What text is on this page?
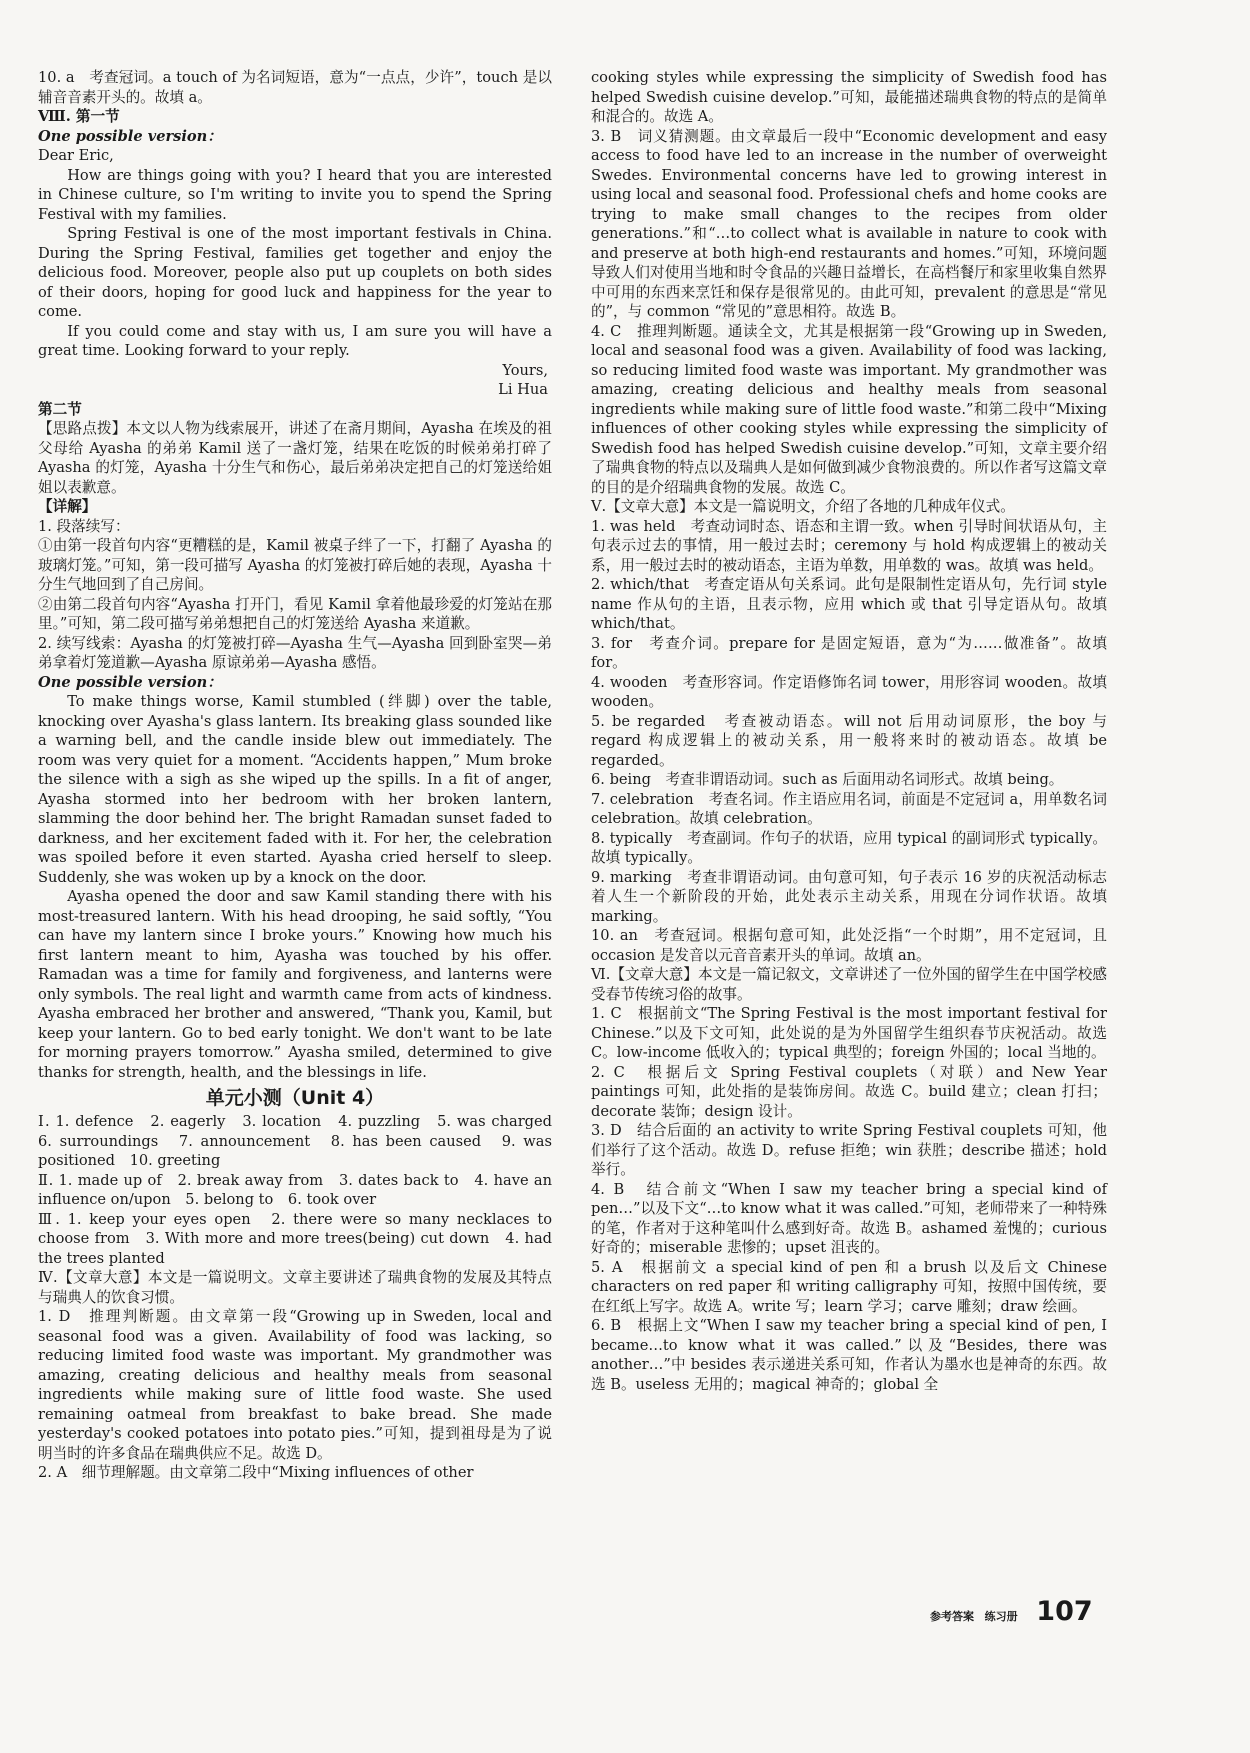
10. a　考查冠词。a touch of 为名词短语，意为“一点点，少许”，touch 是以辅音音素开头的。故填 a。

Ⅷ. 第一节

One possible version：

Dear Eric,

How are things going with you? I heard that you are interested in Chinese culture, so I'm writing to invite you to spend the Spring Festival with my families.

Spring Festival is one of the most important festivals in China. During the Spring Festival, families get together and enjoy the delicious food. Moreover, people also put up couplets on both sides of their doors, hoping for good luck and happiness for the year to come.

If you could come and stay with us, I am sure you will have a great time. Looking forward to your reply.

Yours,

Li Hua

第二节

【思路点拨】本文以人物为线索展开，讲述了在斋月期间，Ayasha 在埃及的祖父母给 Ayasha 的弟弟 Kamil 送了一盏灯笼，结果在吃饭的时候弟弟打碎了 Ayasha 的灯笼，Ayasha 十分生气和伤心，最后弟弟决定把自己的灯笼送给姐姐以表歉意。

【详解】

1. 段落续写：

①由第一段首句内容“更糟糕的是，Kamil 被桌子绊了一下，打翻了 Ayasha 的玻璃灯笼。”可知，第一段可描写 Ayasha 的灯笼被打碎后她的表现，Ayasha 十分生气地回到了自己房间。

②由第二段首句内容“Ayasha 打开门，看见 Kamil 拿着他最珍爱的灯笼站在那里。”可知，第二段可描写弟弟想把自己的灯笼送给 Ayasha 来道歉。

2. 续写线索：Ayasha 的灯笼被打碎—Ayasha 生气—Ayasha 回到卧室哭—弟弟拿着灯笼道歉—Ayasha 原谅弟弟—Ayasha 感悟。

One possible version：

To make things worse, Kamil stumbled (绊脚) over the table, knocking over Ayasha's glass lantern. Its breaking glass sounded like a warning bell, and the candle inside blew out immediately. The room was very quiet for a moment. “Accidents happen,” Mum broke the silence with a sigh as she wiped up the spills. In a fit of anger, Ayasha stormed into her bedroom with her broken lantern, slamming the door behind her. The bright Ramadan sunset faded to darkness, and her excitement faded with it. For her, the celebration was spoiled before it even started. Ayasha cried herself to sleep. Suddenly, she was woken up by a knock on the door.

Ayasha opened the door and saw Kamil standing there with his most-treasured lantern. With his head drooping, he said softly, “You can have my lantern since I broke yours.” Knowing how much his first lantern meant to him, Ayasha was touched by his offer. Ramadan was a time for family and forgiveness, and lanterns were only symbols. The real light and warmth came from acts of kindness. Ayasha embraced her brother and answered, “Thank you, Kamil, but keep your lantern. Go to bed early tonight. We don't want to be late for morning prayers tomorrow.” Ayasha smiled, determined to give thanks for strength, health, and the blessings in life.

单元小测（Unit 4）

Ⅰ. 1. defence　2. eagerly　3. location　4. puzzling　5. was charged　6. surroundings　7. announcement　8. has been caused　9. was positioned　10. greeting

Ⅱ. 1. made up of　2. break away from　3. dates back to　4. have an influence on/upon　5. belong to　6. took over

Ⅲ. 1. keep your eyes open　2. there were so many necklaces to choose from　3. With more and more trees(being) cut down　4. had the trees planted

Ⅳ.【文章大意】本文是一篇说明文。文章主要讲述了瑞典食物的发展及其特点与瑞典人的饮食习惯。

1. D　推理判断题。由文章第一段“Growing up in Sweden, local and seasonal food was a given. Availability of food was lacking, so reducing limited food waste was important. My grandmother was amazing, creating delicious and healthy meals from seasonal ingredients while making sure of little food waste. She used remaining oatmeal from breakfast to bake bread. She made yesterday's cooked potatoes into potato pies.”可知，提到祖母是为了说明当时的许多食品在瑞典供应不足。故选 D。

2. A　细节理解题。由文章第二段中“Mixing influences of other

cooking styles while expressing the simplicity of Swedish food has helped Swedish cuisine develop.”可知，最能描述瑞典食物的特点的是简单和混合的。故选 A。

3. B　词义猜测题。由文章最后一段中“Economic development and easy access to food have led to an increase in the number of overweight Swedes. Environmental concerns have led to growing interest in using local and seasonal food. Professional chefs and home cooks are trying to make small changes to the recipes from older generations.”和“…to collect what is available in nature to cook with and preserve at both high-end restaurants and homes.”可知，环境问题导致人们对使用当地和时令食品的兴趣日益增长，在高档餐厅和家里收集自然界中可用的东西来烹饪和保存是很常见的。由此可知，prevalent 的意思是“常见的”，与 common “常见的”意思相符。故选 B。

4. C　推理判断题。通读全文，尤其是根据第一段“Growing up in Sweden, local and seasonal food was a given. Availability of food was lacking, so reducing limited food waste was important. My grandmother was amazing, creating delicious and healthy meals from seasonal ingredients while making sure of little food waste.”和第二段中“Mixing influences of other cooking styles while expressing the simplicity of Swedish food has helped Swedish cuisine develop.”可知，文章主要介绍了瑞典食物的特点以及瑞典人是如何做到减少食物浪费的。所以作者写这篇文章的目的是介绍瑞典食物的发展。故选 C。

Ⅴ.【文章大意】本文是一篇说明文，介绍了各地的几种成年仪式。

1. was held　考查动词时态、语态和主谓一致。when 引导时间状语从句，主句表示过去的事情，用一般过去时；ceremony 与 hold 构成逻辑上的被动关系，用一般过去时的被动语态，主语为单数，用单数的 was。故填 was held。

2. which/that　考查定语从句关系词。此句是限制性定语从句，先行词 style name 作从句的主语，且表示物，应用 which 或 that 引导定语从句。故填 which/that。

3. for　考查介词。prepare for 是固定短语，意为“为……做准备”。故填 for。

4. wooden　考查形容词。作定语修饰名词 tower，用形容词 wooden。故填 wooden。

5. be regarded　考查被动语态。will not 后用动词原形，the boy 与 regard 构成逻辑上的被动关系，用一般将来时的被动语态。故填 be regarded。

6. being　考查非谓语动词。such as 后面用动名词形式。故填 being。

7. celebration　考查名词。作主语应用名词，前面是不定冠词 a，用单数名词 celebration。故填 celebration。

8. typically　考查副词。作句子的状语，应用 typical 的副词形式 typically。故填 typically。

9. marking　考查非谓语动词。由句意可知，句子表示 16 岁的庆祝活动标志着人生一个新阶段的开始，此处表示主动关系，用现在分词作状语。故填 marking。

10. an　考查冠词。根据句意可知，此处泛指“一个时期”，用不定冠词，且 occasion 是发音以元音音素开头的单词。故填 an。

Ⅵ.【文章大意】本文是一篇记叙文，文章讲述了一位外国的留学生在中国学校感受春节传统习俗的故事。

1. C　根据前文“The Spring Festival is the most important festival for Chinese.”以及下文可知，此处说的是为外国留学生组织春节庆祝活动。故选 C。low-income 低收入的；typical 典型的；foreign 外国的；local 当地的。

2. C　根据后文 Spring Festival couplets（对联）and New Year paintings 可知，此处指的是装饰房间。故选 C。build 建立；clean 打扫；decorate 装饰；design 设计。

3. D　结合后面的 an activity to write Spring Festival couplets 可知，他们举行了这个活动。故选 D。refuse 拒绝；win 获胜；describe 描述；hold 举行。

4. B　结合前文“When I saw my teacher bring a special kind of pen…”以及下文“…to know what it was called.”可知，老师带来了一种特殊的笔，作者对于这种笔叫什么感到好奇。故选 B。ashamed 羞愧的；curious 好奇的；miserable 悲惨的；upset 沮丧的。

5. A　根据前文 a special kind of pen 和 a brush 以及后文 Chinese characters on red paper 和 writing calligraphy 可知，按照中国传统，要在红纸上写字。故选 A。write 写；learn 学习；carve 雕刻；draw 绘画。

6. B　根据上文“When I saw my teacher bring a special kind of pen, I became…to know what it was called.”以及“Besides, there was another…”中 besides 表示递进关系可知，作者认为墨水也是神奇的东西。故选 B。useless 无用的；magical 神奇的；global 全

参考答案 练习册 107
